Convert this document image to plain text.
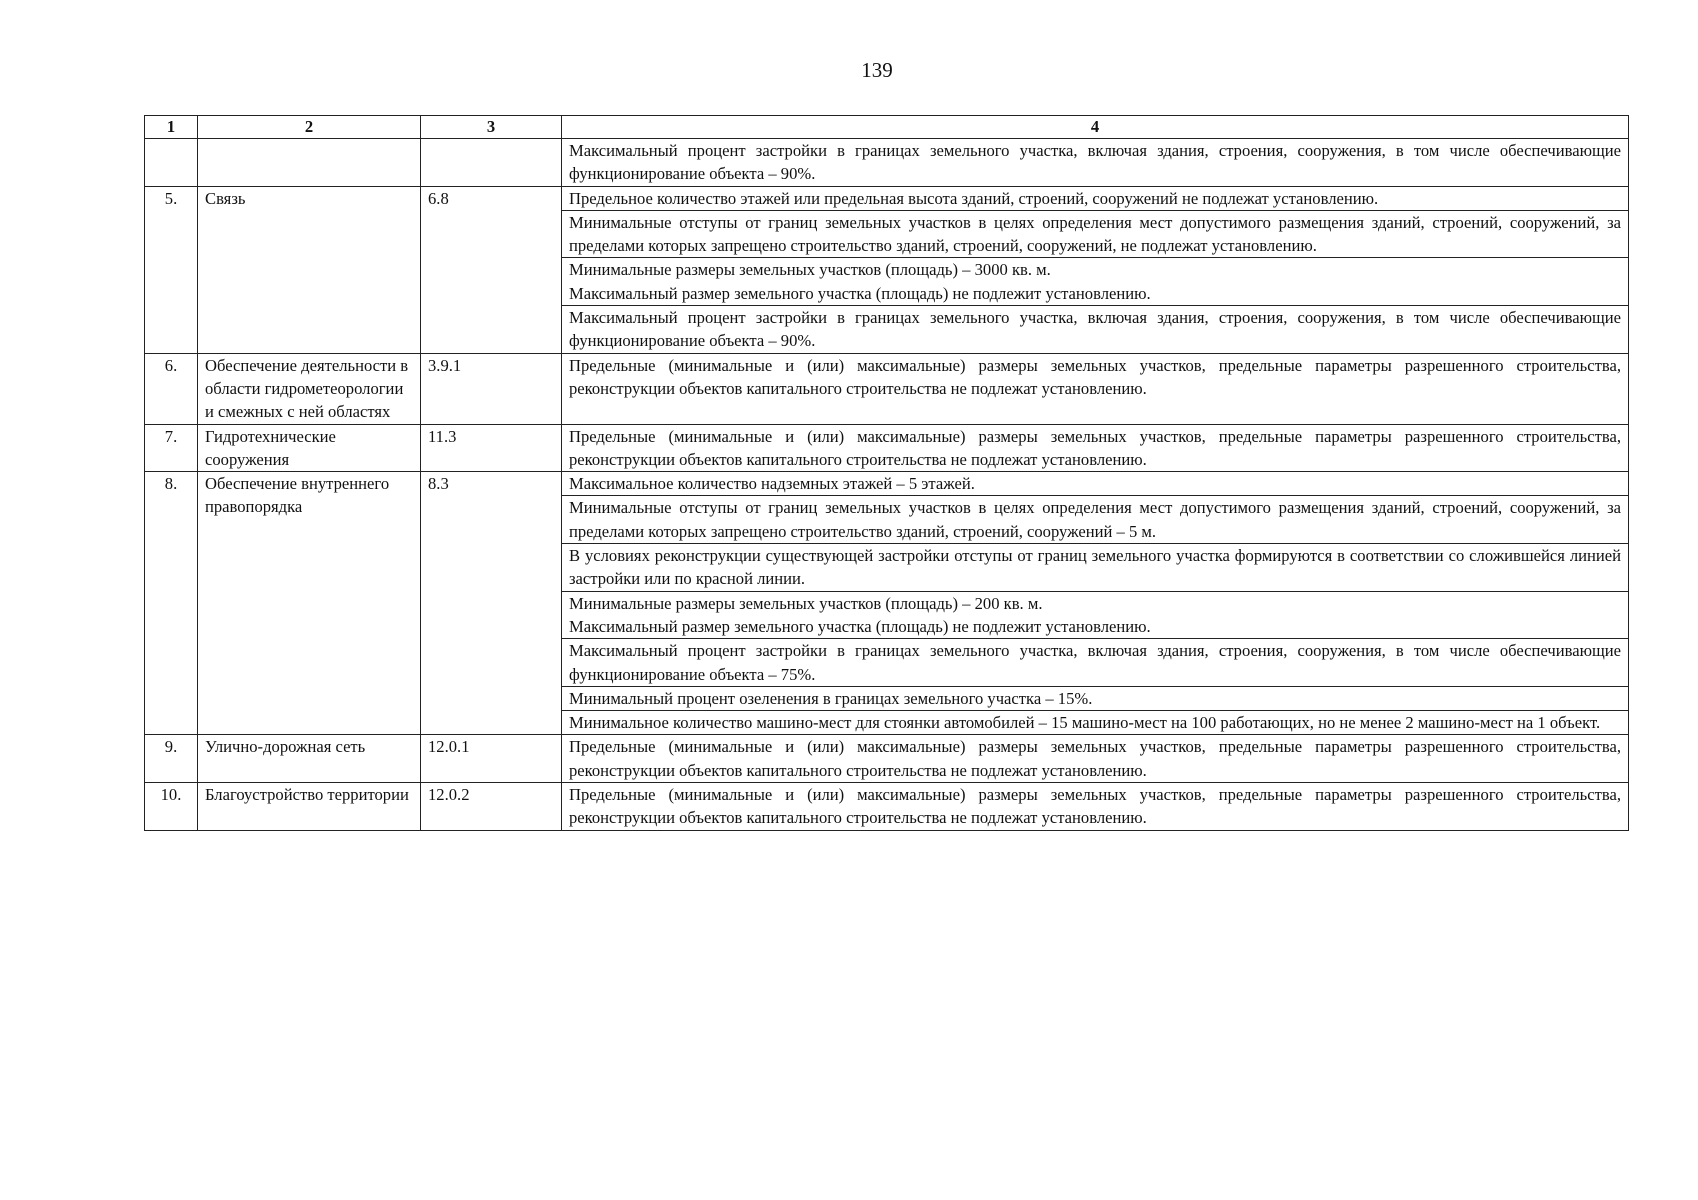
139
1	2	3	4
			Максимальный процент застройки в границах земельного участка, включая здания, строения, сооружения, в том числе обеспечивающие функционирование объекта – 90%.
5.	Связь	6.8	Предельное количество этажей или предельная высота зданий, строений, сооружений не подлежат установлению.
			Минимальные отступы от границ земельных участков в целях определения мест допустимого размещения зданий, строений, сооружений, за пределами которых запрещено строительство зданий, строений, сооружений, не подлежат установлению.

			Минимальные размеры земельных участков (площадь) – 3000 кв. м.
Максимальный размер земельного участка (площадь) не подлежит установлению.

			Максимальный процент застройки в границах земельного участка, включая здания, строения, сооружения, в том числе обеспечивающие функционирование объекта – 90%.
6.	Обеспечение деятельности в области гидрометеорологии и смежных с ней областях	3.9.1	Предельные (минимальные и (или) максимальные) размеры земельных участков, предельные параметры разрешенного строительства, реконструкции объектов капитального строительства не подлежат установлению.
7.	Гидротехнические сооружения	11.3	Предельные (минимальные и (или) максимальные) размеры земельных участков, предельные параметры разрешенного строительства, реконструкции объектов капитального строительства не подлежат установлению.
8.	Обеспечение внутреннего правопорядка	8.3	Максимальное количество надземных этажей – 5 этажей.
			Минимальные отступы от границ земельных участков в целях определения мест допустимого размещения зданий, строений, сооружений, за пределами которых запрещено строительство зданий, строений, сооружений – 5 м.
			В условиях реконструкции существующей застройки отступы от границ земельного участка формируются в соответствии со сложившейся линией застройки или по красной линии.

			Минимальные размеры земельных участков (площадь) – 200 кв. м.
Максимальный размер земельного участка (площадь) не подлежит установлению.

			Максимальный процент застройки в границах земельного участка, включая здания, строения, сооружения, в том числе обеспечивающие функционирование объекта – 75%.
			Минимальный процент озеленения в границах земельного участка – 15%.
			Минимальное количество машино-мест для стоянки автомобилей – 15 машино-мест на 100 работающих, но не менее 2 машино-мест на 1 объект.
9.	Улично-дорожная сеть	12.0.1	Предельные (минимальные и (или) максимальные) размеры земельных участков, предельные параметры разрешенного строительства, реконструкции объектов капитального строительства не подлежат установлению.
10.	Благоустройство территории	12.0.2	Предельные (минимальные и (или) максимальные) размеры земельных участков, предельные параметры разрешенного строительства, реконструкции объектов капитального строительства не подлежат установлению.
